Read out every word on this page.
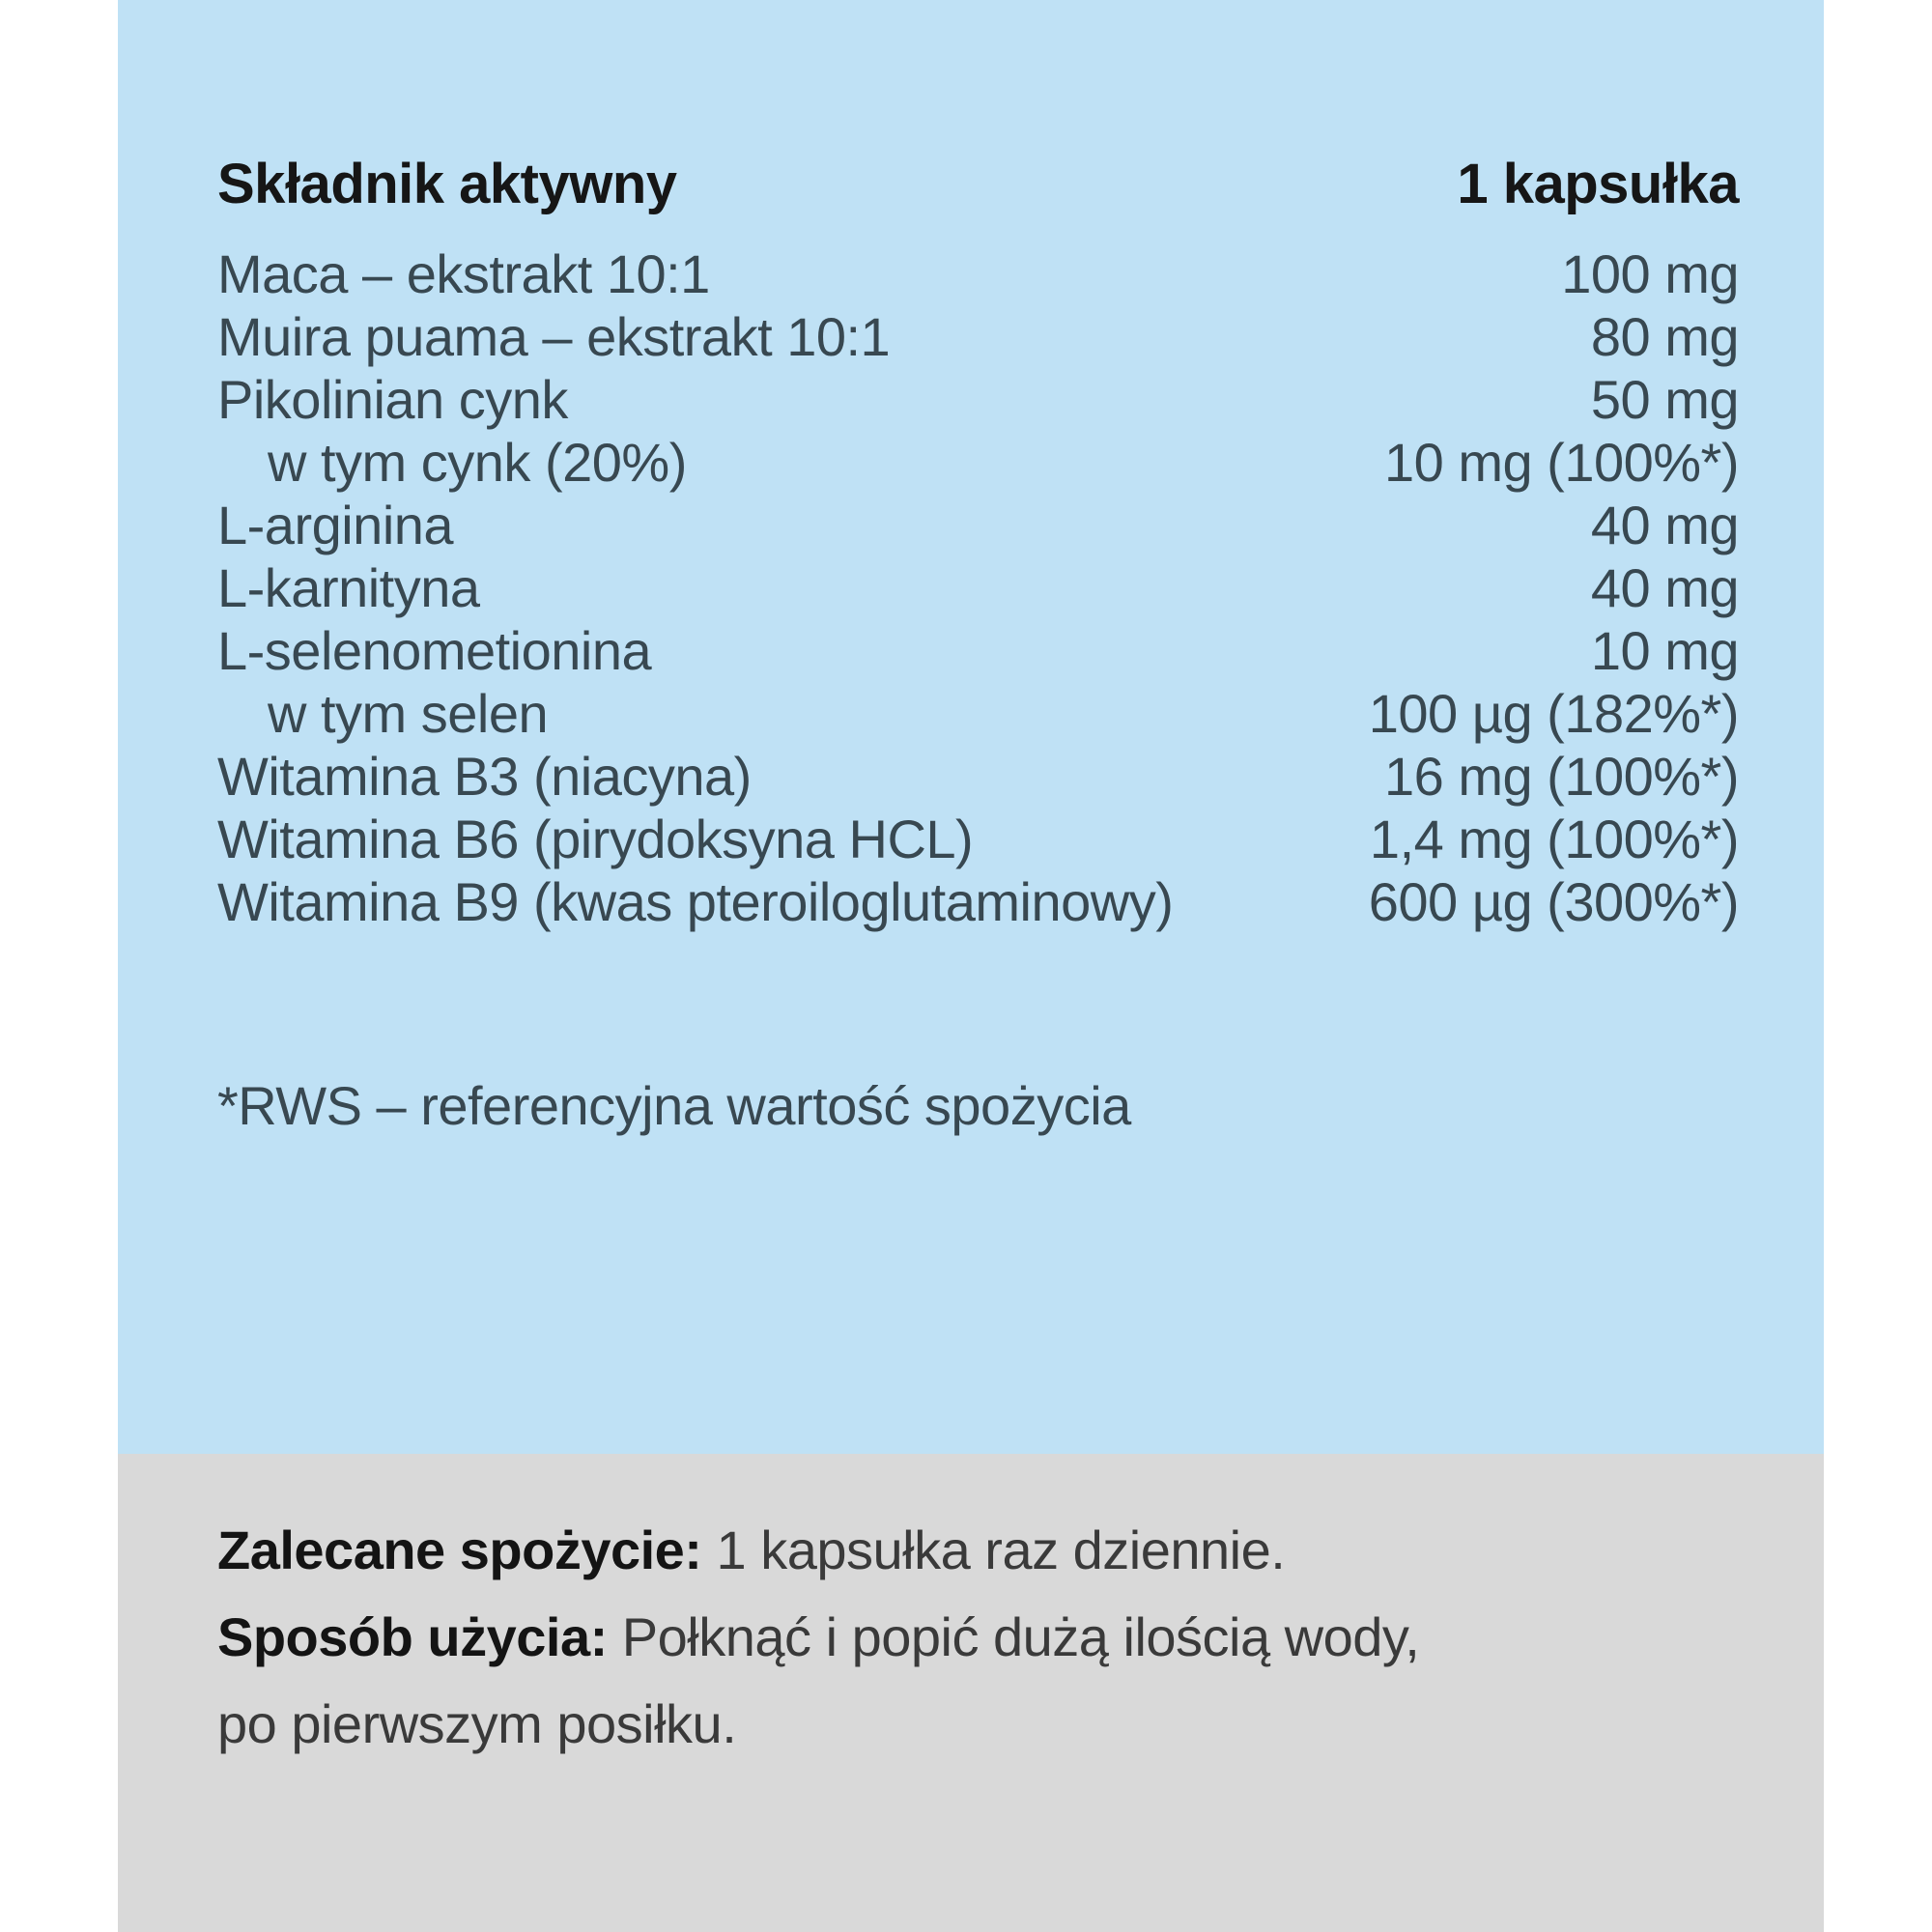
Składnik aktywny	1 kapsułka
Maca – ekstrakt 10:1	100 mg
Muira puama – ekstrakt 10:1	80 mg
Pikolinian cynk	50 mg
w tym cynk (20%)	10 mg (100%*)
L-arginina	40 mg
L-karnityna	40 mg
L-selenometionina	10 mg
w tym selen	100 µg (182%*)
Witamina B3 (niacyna)	16 mg (100%*)
Witamina B6 (pirydoksyna HCL)	1,4 mg (100%*)
Witamina B9 (kwas pteroiloglutaminowy)	600 µg (300%*)
*RWS – referencyjna wartość spożycia

Zalecane spożycie: 1 kapsułka raz dziennie.

Sposób użycia: Połknąć i popić dużą ilością wody,

po pierwszym posiłku.
